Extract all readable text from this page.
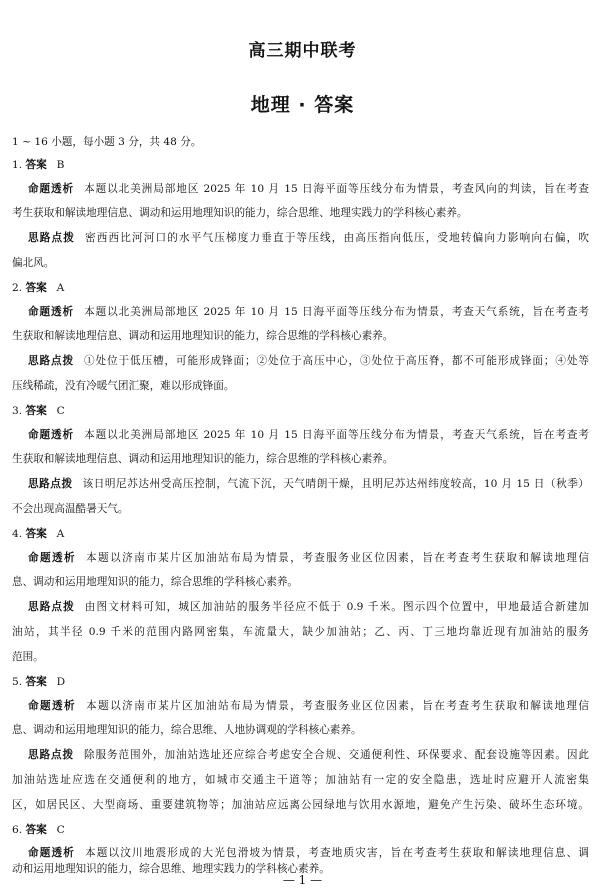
高三期中联考
地理 · 答案
1 ~ 16 小题，每小题 3 分，共 48 分。
1. 答案 B
命题透析 本题以北美洲局部地区 2025 年 10 月 15 日海平面等压线分布为情景，考查风向的判读，旨在考查
考生获取和解读地理信息、调动和运用地理知识的能力，综合思维、地理实践力的学科核心素养。
思路点拨 密西西比河河口的水平气压梯度力垂直于等压线，由高压指向低压，受地转偏向力影响向右偏，吹
偏北风。
2. 答案 A
命题透析 本题以北美洲局部地区 2025 年 10 月 15 日海平面等压线分布为情景，考查天气系统，旨在考查考
生获取和解读地理信息、调动和运用地理知识的能力，综合思维的学科核心素养。
思路点拨 ①处位于低压槽，可能形成锋面；②处位于高压中心，③处位于高压脊，都不可能形成锋面；④处等
压线稀疏，没有冷暖气团汇聚，难以形成锋面。
3. 答案 C
命题透析 本题以北美洲局部地区 2025 年 10 月 15 日海平面等压线分布为情景，考查天气系统，旨在考查考
生获取和解读地理信息、调动和运用地理知识的能力，综合思维的学科核心素养。
思路点拨 该日明尼苏达州受高压控制，气流下沉，天气晴朗干燥，且明尼苏达州纬度较高，10 月 15 日（秋季）
不会出现高温酷暑天气。
4. 答案 A
命题透析 本题以济南市某片区加油站布局为情景，考查服务业区位因素，旨在考查考生获取和解读地理信
息、调动和运用地理知识的能力，综合思维的学科核心素养。
思路点拨 由图文材料可知，城区加油站的服务半径应不低于 0.9 千米。图示四个位置中，甲地最适合新建加
油站，其半径 0.9 千米的范围内路网密集，车流量大，缺少加油站；乙、丙、丁三地均靠近现有加油站的服务
范围。
5. 答案 D
命题透析 本题以济南市某片区加油站布局为情景，考查服务业区位因素，旨在考查考生获取和解读地理信
息、调动和运用地理知识的能力，综合思维、人地协调观的学科核心素养。
思路点拨 除服务范围外，加油站选址还应综合考虑安全合规、交通便利性、环保要求、配套设施等因素。因此
加油站选址应选在交通便利的地方，如城市交通主干道等；加油站有一定的安全隐患，选址时应避开人流密集
区，如居民区、大型商场、重要建筑物等；加油站应远离公园绿地与饮用水源地，避免产生污染、破坏生态环境。
6. 答案 C
命题透析 本题以汶川地震形成的大光包滑坡为情景，考查地质灾害，旨在考查考生获取和解读地理信息、调
动和运用地理知识的能力，综合思维、地理实践力的学科核心素养。
— 1 —
